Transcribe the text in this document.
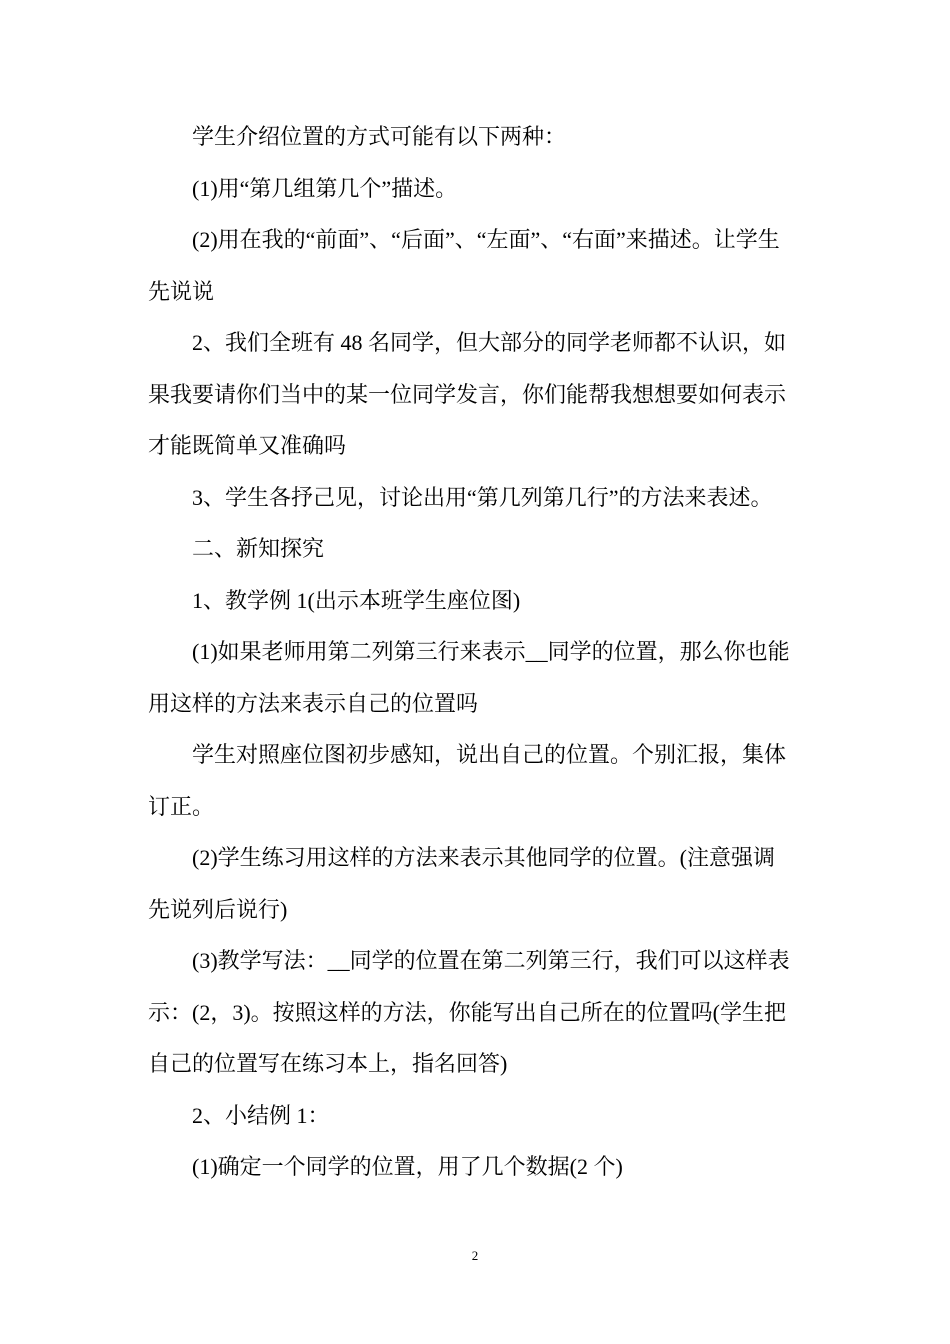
学生介绍位置的方式可能有以下两种：
(1)用“第几组第几个”描述。
(2)用在我的“前面”、“后面”、“左面”、“右面”来描述。让学生
先说说
2、我们全班有 48 名同学，但大部分的同学老师都不认识，如
果我要请你们当中的某一位同学发言，你们能帮我想想要如何表示
才能既简单又准确吗
3、学生各抒己见，讨论出用“第几列第几行”的方法来表述。
二、新知探究
1、教学例 1(出示本班学生座位图)
(1)如果老师用第二列第三行来表示__同学的位置，那么你也能
用这样的方法来表示自己的位置吗
学生对照座位图初步感知，说出自己的位置。个别汇报，集体
订正。
(2)学生练习用这样的方法来表示其他同学的位置。(注意强调
先说列后说行)
(3)教学写法：__同学的位置在第二列第三行，我们可以这样表
示：(2，3)。按照这样的方法，你能写出自己所在的位置吗(学生把
自己的位置写在练习本上，指名回答)
2、小结例 1：
(1)确定一个同学的位置，用了几个数据(2 个)
2
